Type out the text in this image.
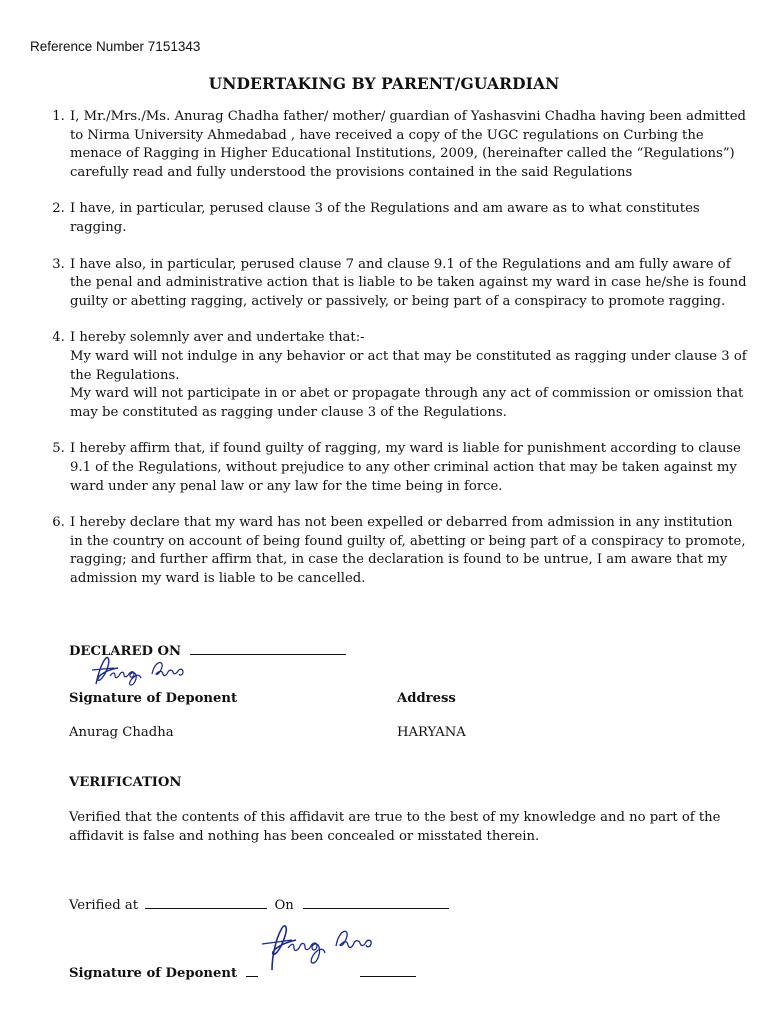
Reference Number 7151343
UNDERTAKING BY PARENT/GUARDIAN
1. I, Mr./Mrs./Ms. Anurag Chadha father/ mother/ guardian of Yashasvini Chadha having been admitted to Nirma University Ahmedabad , have received a copy of the UGC regulations on Curbing the menace of Ragging in Higher Educational Institutions, 2009, (hereinafter called the “Regulations”) carefully read and fully understood the provisions contained in the said Regulations
2. I have, in particular, perused clause 3 of the Regulations and am aware as to what constitutes ragging.
3. I have also, in particular, perused clause 7 and clause 9.1 of the Regulations and am fully aware of the penal and administrative action that is liable to be taken against my ward in case he/she is found guilty or abetting ragging, actively or passively, or being part of a conspiracy to promote ragging.
4. I hereby solemnly aver and undertake that:-
My ward will not indulge in any behavior or act that may be constituted as ragging under clause 3 of the Regulations.
My ward will not participate in or abet or propagate through any act of commission or omission that may be constituted as ragging under clause 3 of the Regulations.
5. I hereby affirm that, if found guilty of ragging, my ward is liable for punishment according to clause 9.1 of the Regulations, without prejudice to any other criminal action that may be taken against my ward under any penal law or any law for the time being in force.
6. I hereby declare that my ward has not been expelled or debarred from admission in any institution in the country on account of being found guilty of, abetting or being part of a conspiracy to promote, ragging; and further affirm that, in case the declaration is found to be untrue, I am aware that my admission my ward is liable to be cancelled.
DECLARED ON
Signature of Deponent	Address
Anurag Chadha	HARYANA
VERIFICATION

Verified that the contents of this affidavit are true to the best of my knowledge and no part of the affidavit is false and nothing has been concealed or misstated therein.

Verified at	On
Signature of Deponent
